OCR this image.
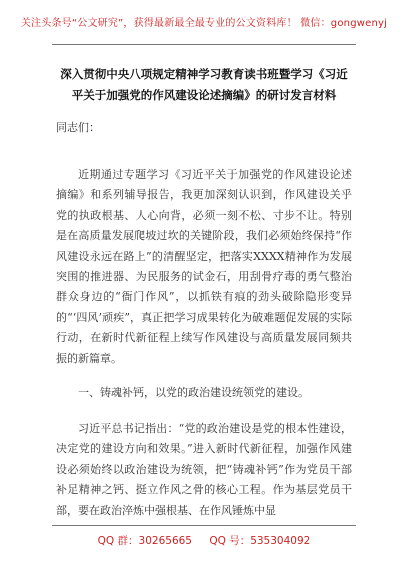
关注头条号“公文研究”，获得最新最全最专业的公文资料库！ 微信：gongwenyj
深入贯彻中央八项规定精神学习教育读书班暨学习《习近
平关于加强党的作风建设论述摘编》的研讨发言材料
同志们：

近期通过专题学习《习近平关于加强党的作风建设论述摘编》和系列辅导报告，我更加深刻认识到，作风建设关乎党的执政根基、人心向背，必须一刻不松、寸步不让。特别是在高质量发展爬坡过坎的关键阶段，我们必须始终保持“作风建设永远在路上”的清醒坚定，把落实XXXX精神作为发展突围的推进器、为民服务的试金石，用刮骨疗毒的勇气整治群众身边的“衙门作风”，以抓铁有痕的劲头破除隐形变异的“‘四风’顽疾”，真正把学习成果转化为破难题促发展的实际行动，在新时代新征程上续写作风建设与高质量发展同频共振的新篇章。

一、铸魂补钙，以党的政治建设统领党的建设。

习近平总书记指出：“党的政治建设是党的根本性建设，决定党的建设方向和效果。”进入新时代新征程，加强作风建设必须始终以政治建设为统领，把“铸魂补钙”作为党员干部补足精神之钙、挺立作风之骨的核心工程。作为基层党员干部，要在政治淬炼中强根基、在作风锤炼中显

QQ 群：30265665 QQ 号：535304092
